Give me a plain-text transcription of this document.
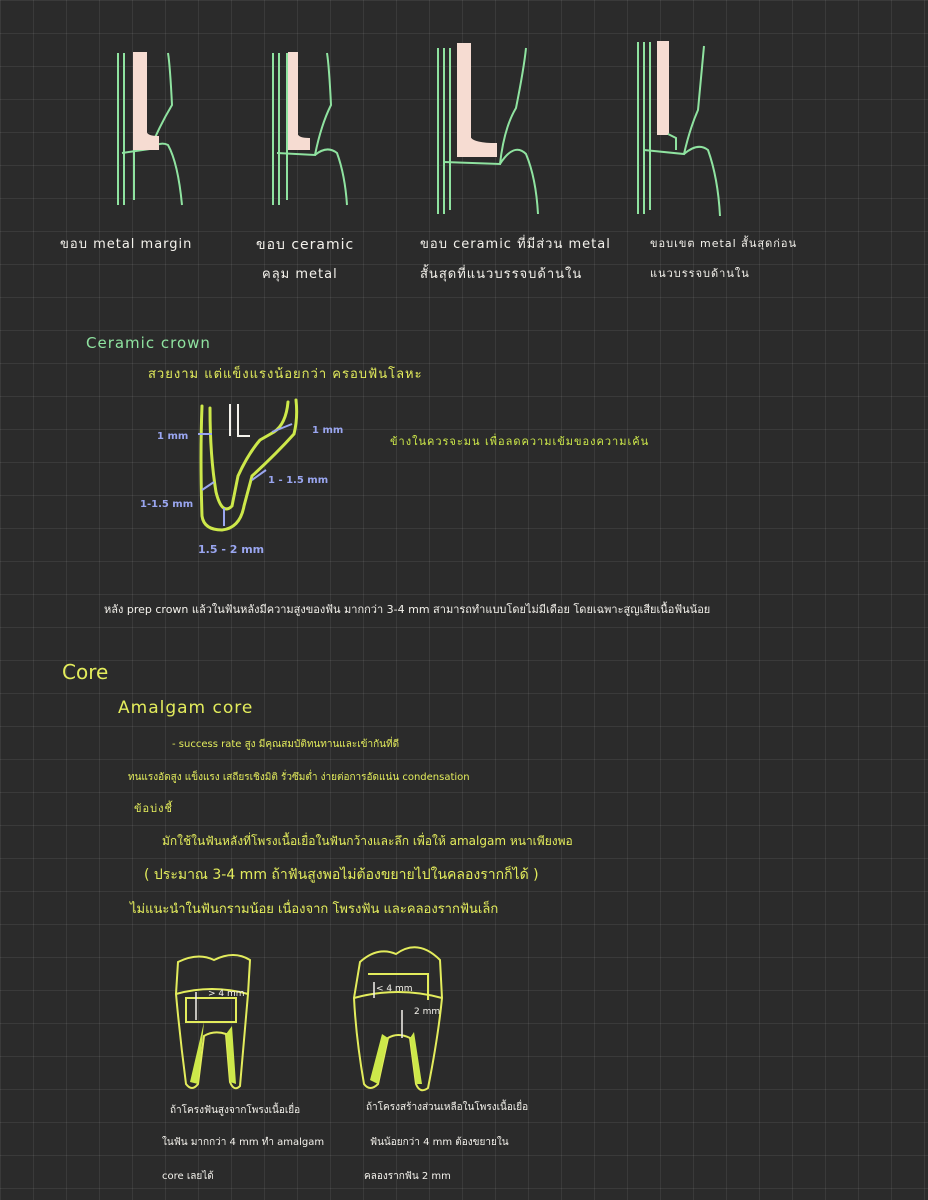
ขอบ metal margin	ขอบ ceramic
คลุม metal
ขอบ ceramic ที่มีส่วน metal
สั้นสุดที่แนวบรรจบด้านใน
ขอบเขต metal สั้นสุดก่อน
แนวบรรจบด้านใน
Ceramic crown
สวยงาม แต่แข็งแรงน้อยกว่า ครอบฟันโลหะ
1 mm
1 mm
1-1.5 mm
1 - 1.5 mm
1.5 - 2 mm
ข้างในควรจะมน เพื่อลดความเข้มของความเค้น
หลัง prep crown แล้วในฟันหลังมีความสูงของฟัน มากกว่า 3-4 mm สามารถทำแบบโดยไม่มีเดือย โดยเฉพาะสูญเสียเนื้อฟันน้อย
Core
Amalgam core
- success rate สูง มีคุณสมบัติทนทานและเข้ากันที่ดี
ทนแรงอัดสูง แข็งแรง เสถียรเชิงมิติ รั่วซึมต่ำ ง่ายต่อการอัดแน่น condensation
ข้อบ่งชี้
มักใช้ในฟันหลังที่โพรงเนื้อเยื่อในฟันกว้างและลึก เพื่อให้ amalgam หนาเพียงพอ
( ประมาณ 3-4 mm ถ้าฟันสูงพอไม่ต้องขยายไปในคลองรากก็ได้ )
ไม่แนะนำในฟันกรามน้อย เนื่องจาก โพรงฟัน และคลองรากฟันเล็ก
> 4 mm	< 4 mm
2 mm
ถ้าโครงฟันสูงจากโพรงเนื้อเยื่อ
ในฟัน มากกว่า 4 mm ทำ amalgam
core เลยได้
ถ้าโครงสร้างส่วนเหลือในโพรงเนื้อเยื่อ
ฟันน้อยกว่า 4 mm ต้องขยายใน
คลองรากฟัน 2 mm
